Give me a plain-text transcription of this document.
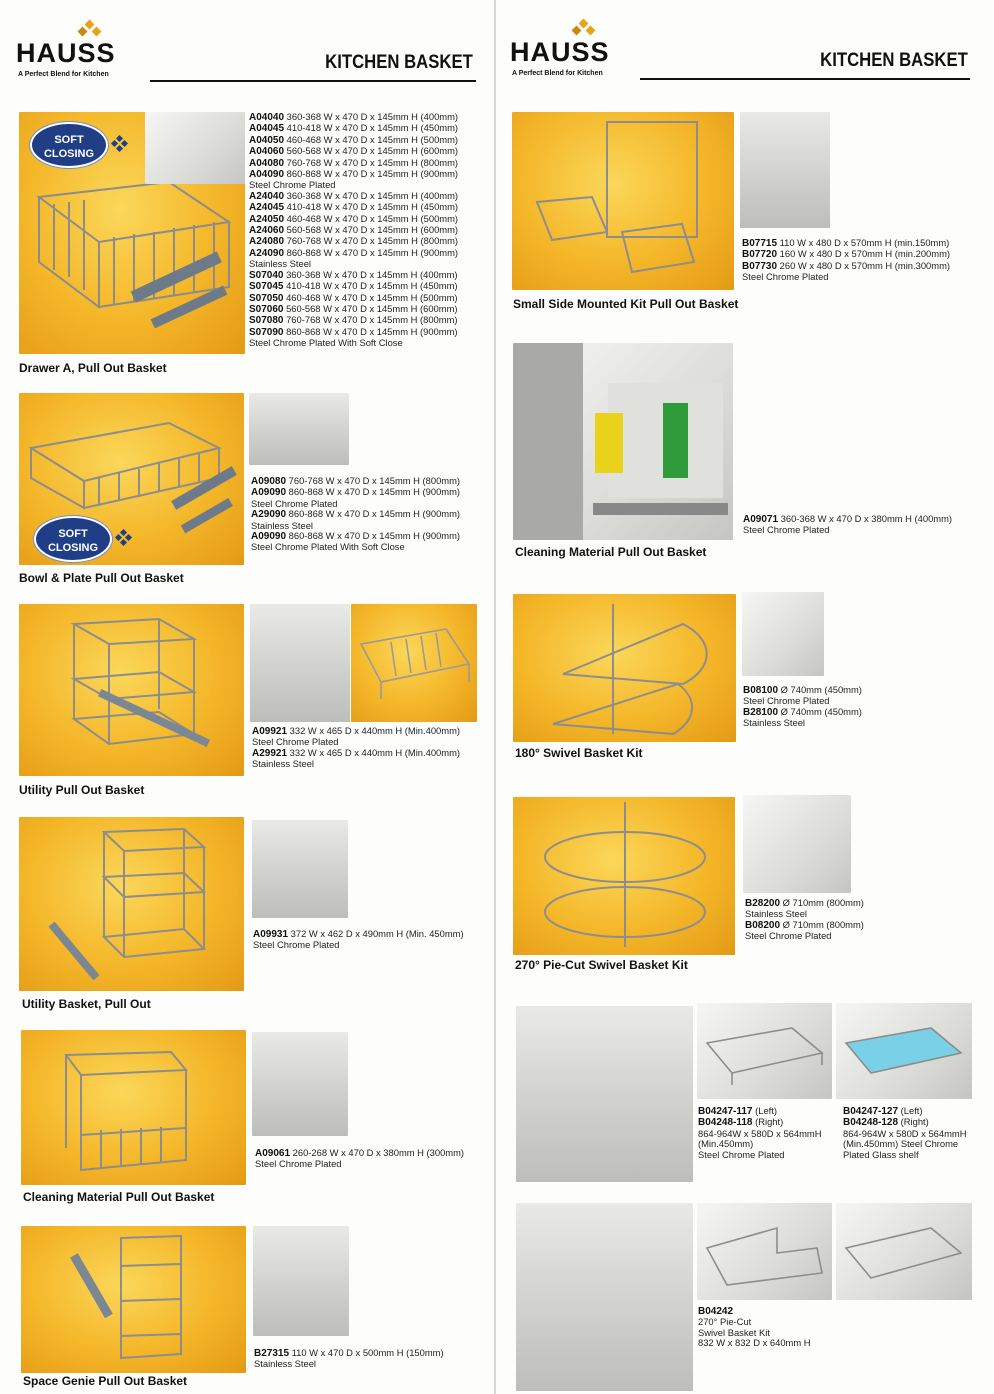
HAUSS
A Perfect Blend for Kitchen
KITCHEN BASKET HAUSS
A Perfect Blend for Kitchen
KITCHEN BASKET
SOFT
CLOSING
A04040 360-368 W x 470 D x 145mm H (400mm)
A04045 410-418 W x 470 D x 145mm H (450mm)
A04050 460-468 W x 470 D x 145mm H (500mm)
A04060 560-568 W x 470 D x 145mm H (600mm)
A04080 760-768 W x 470 D x 145mm H (800mm)
A04090 860-868 W x 470 D x 145mm H (900mm)
Steel Chrome Plated
A24040 360-368 W x 470 D x 145mm H (400mm)
A24045 410-418 W x 470 D x 145mm H (450mm)
A24050 460-468 W x 470 D x 145mm H (500mm)
A24060 560-568 W x 470 D x 145mm H (600mm)
A24080 760-768 W x 470 D x 145mm H (800mm)
A24090 860-868 W x 470 D x 145mm H (900mm)
Stainless Steel
S07040 360-368 W x 470 D x 145mm H (400mm)
S07045 410-418 W x 470 D x 145mm H (450mm)
S07050 460-468 W x 470 D x 145mm H (500mm)
S07060 560-568 W x 470 D x 145mm H (600mm)
S07080 760-768 W x 470 D x 145mm H (800mm)
S07090 860-868 W x 470 D x 145mm H (900mm)
Steel Chrome Plated With Soft Close
Drawer A, Pull Out Basket
SOFT
CLOSING
A09080 760-768 W x 470 D x 145mm H (800mm)
A09090 860-868 W x 470 D x 145mm H (900mm)
Steel Chrome Plated
A29090 860-868 W x 470 D x 145mm H (900mm)
Stainless Steel
A09090 860-868 W x 470 D x 145mm H (900mm)
Steel Chrome Plated With Soft Close
Bowl & Plate Pull Out Basket
A09921 332 W x 465 D x 440mm H (Min.400mm)
Steel Chrome Plated
A29921 332 W x 465 D x 440mm H (Min.400mm)
Stainless Steel
Utility Pull Out Basket
A09931 372 W x 462 D x 490mm H (Min. 450mm)
Steel Chrome Plated
Utility Basket, Pull Out
A09061 260-268 W x 470 D x 380mm H (300mm)
Steel Chrome Plated
Cleaning Material Pull Out Basket
B27315 110 W x 470 D x 500mm H (150mm)
Stainless Steel
Space Genie Pull Out Basket
B07715 110 W x 480 D x 570mm H (min.150mm)
B07720 160 W x 480 D x 570mm H (min.200mm)
B07730 260 W x 480 D x 570mm H (min.300mm)
Steel Chrome Plated
Small Side Mounted Kit Pull Out Basket
A09071 360-368 W x 470 D x 380mm H (400mm)
Steel Chrome Plated
Cleaning Material Pull Out Basket
B08100 Ø 740mm (450mm)
Steel Chrome Plated
B28100 Ø 740mm (450mm)
Stainless Steel
180° Swivel Basket Kit
B28200 Ø 710mm (800mm)
Stainless Steel
B08200 Ø 710mm (800mm)
Steel Chrome Plated
270° Pie-Cut Swivel Basket Kit
B04247-117 (Left)
B04248-118 (Right)
864-964W x 580D x 564mmH
(Min.450mm)
Steel Chrome Plated
B04247-127 (Left)
B04248-128 (Right)
864-964W x 580D x 564mmH
(Min.450mm) Steel Chrome
Plated Glass shelf
B04242
270° Pie-Cut
Swivel Basket Kit
832 W x 832 D x 640mm H
